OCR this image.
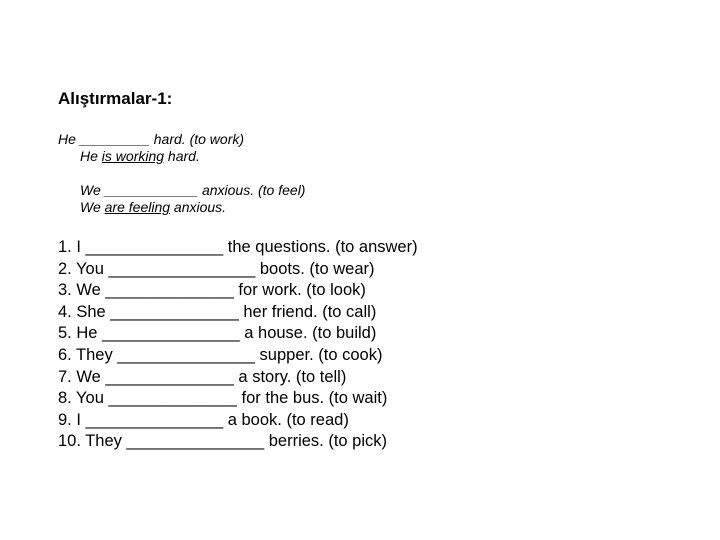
Alıştırmalar-1:
He _________ hard. (to work)
He is working hard.
We ____________ anxious. (to feel)
We are feeling anxious.
1. I _______________ the questions. (to answer)
2. You ________________ boots. (to wear)
3. We ______________ for work. (to look)
4. She ______________ her friend. (to call)
5. He _______________ a house. (to build)
6. They _______________ supper. (to cook)
7. We ______________ a story. (to tell)
8. You ______________ for the bus. (to wait)
9. I _______________ a book. (to read)
10. They _______________ berries. (to pick)
